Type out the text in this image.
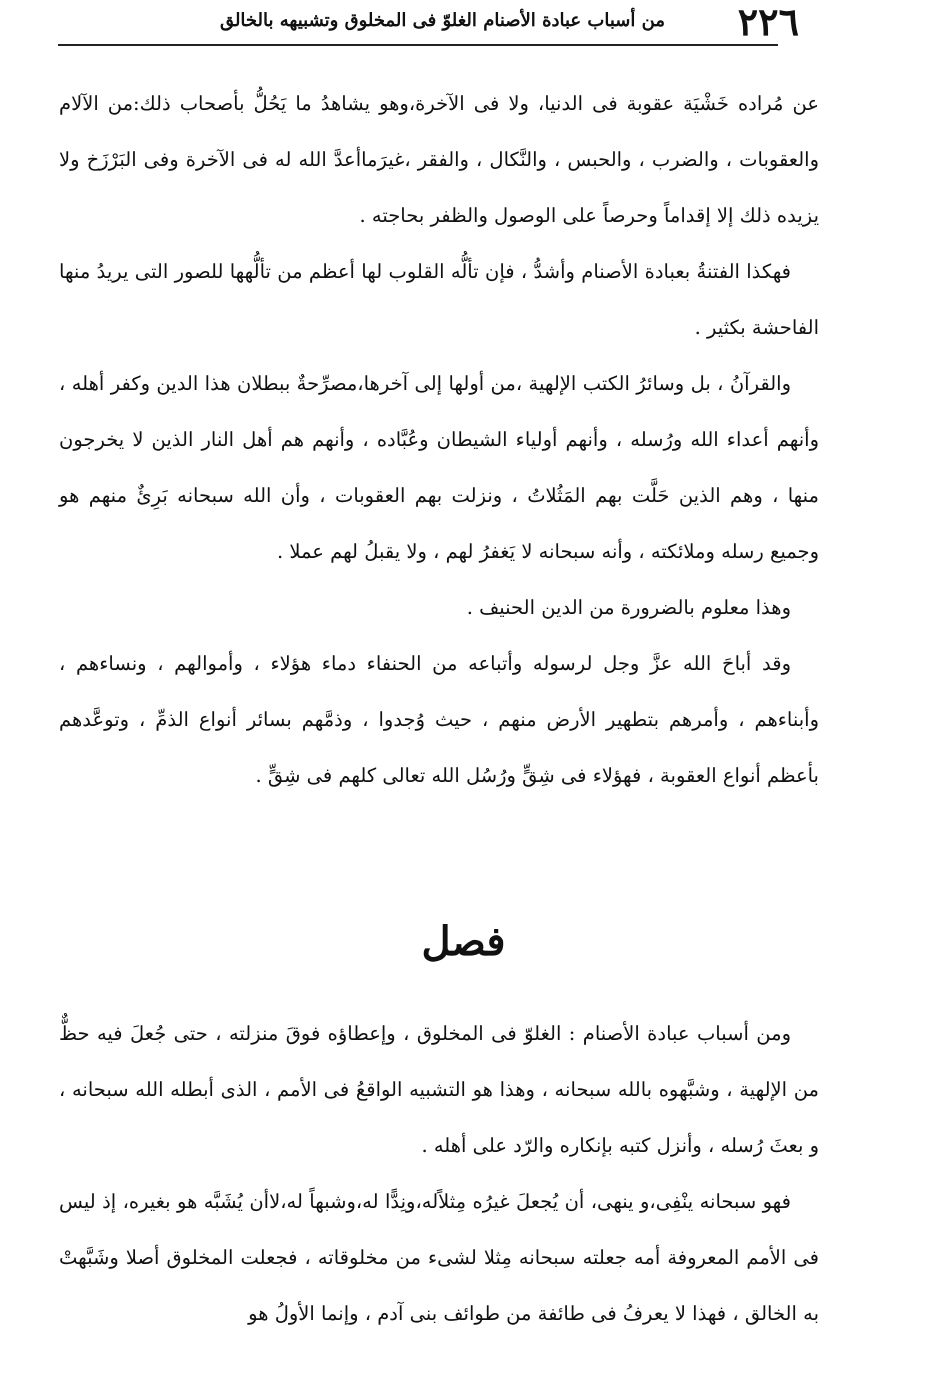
٢٢٦
من أسباب عبادة الأصنام الغلوّ فى المخلوق وتشبيهه بالخالق

عن مُراده خَشْيَة عقوبة فى الدنيا، ولا فى الآخرة،وهو يشاهدُ ما يَحُلُّ بأصحاب ذلك:من الآلام والعقوبات ، والضرب ، والحبس ، والنَّكال ، والفقر ،غيرَماأعدَّ الله له فى الآخرة وفى البَرْزَخ ولا يزيده ذلك إلا إقداماً وحرصاً على الوصول والظفر بحاجته .

فهكذا الفتنةُ بعبادة الأصنام وأشدُّ ، فإن تألُّه القلوب لها أعظم من تألُّهها للصور التى يريدُ منها الفاحشة بكثير .

والقرآنُ ، بل وسائرُ الكتب الإلهية ،من أولها إلى آخرها،مصرِّحةٌ ببطلان هذا الدين وكفر أهله ، وأنهم أعداء الله ورُسله ، وأنهم أولياء الشيطان وعُبَّاده ، وأنهم هم أهل النار الذين لا يخرجون منها ، وهم الذين حَلَّت بهم المَثُلاتُ ، ونزلت بهم العقوبات ، وأن الله سبحانه بَرِئٌ منهم هو وجميع رسله وملائكته ، وأنه سبحانه لا يَغفرُ لهم ، ولا يقبلُ لهم عملا .

وهذا معلوم بالضرورة من الدين الحنيف .

وقد أباحَ الله عزَّ وجل لرسوله وأتباعه من الحنفاء دماء هؤلاء ، وأموالهم ، ونساءهم ، وأبناءهم ، وأمرهم بتطهير الأرض منهم ، حيث وُجدوا ، وذمَّهم بسائر أنواع الذمِّ ، وتوعَّدهم بأعظم أنواع العقوبة ، فهؤلاء فى شِقٍّ ورُسُل الله تعالى كلهم فى شِقٍّ .

فصل

ومن أسباب عبادة الأصنام : الغلوّ فى المخلوق ، وإعطاؤه فوقَ منزلته ، حتى جُعلَ فيه حظٌّ من الإلهية ، وشبَّهوه بالله سبحانه ، وهذا هو التشبيه الواقعُ فى الأمم ، الذى أبطله الله سبحانه ، و بعثَ رُسله ، وأنزل كتبه بإنكاره والرّد على أهله .

فهو سبحانه ينْفِى،و ينهى، أن يُجعلَ غيرُه مِثلاًله،ونِدًّا له،وشبهاً له،لاأن يُشَبَّه هو بغيره، إذ ليس فى الأمم المعروفة أمه جعلته سبحانه مِثلا لشىء من مخلوقاته ، فجعلت المخلوق أصلا وشَبَّهتْ به الخالق ، فهذا لا يعرفُ فى طائفة من طوائف بنى آدم ، وإنما الأولُ هو
